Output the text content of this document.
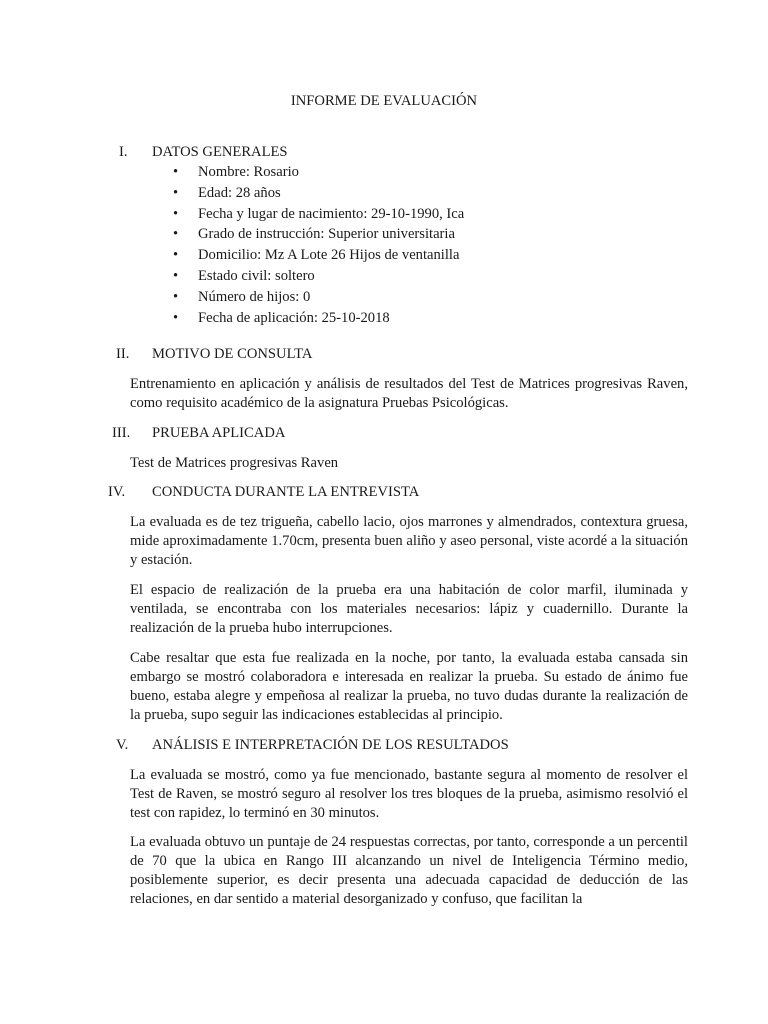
INFORME DE EVALUACIÓN
I. DATOS GENERALES
• Nombre: Rosario
• Edad: 28 años
• Fecha y lugar de nacimiento: 29-10-1990, Ica
• Grado de instrucción: Superior universitaria
• Domicilio: Mz A Lote 26 Hijos de ventanilla
• Estado civil: soltero
• Número de hijos: 0
• Fecha de aplicación: 25-10-2018
II. MOTIVO DE CONSULTA

Entrenamiento en aplicación y análisis de resultados del Test de Matrices progresivas Raven, como requisito académico de la asignatura Pruebas Psicológicas.

III. PRUEBA APLICADA

Test de Matrices progresivas Raven

IV. CONDUCTA DURANTE LA ENTREVISTA

La evaluada es de tez trigueña, cabello lacio, ojos marrones y almendrados, contextura gruesa, mide aproximadamente 1.70cm, presenta buen aliño y aseo personal, viste acordé a la situación y estación.

El espacio de realización de la prueba era una habitación de color marfil, iluminada y ventilada, se encontraba con los materiales necesarios: lápiz y cuadernillo. Durante la realización de la prueba hubo interrupciones.

Cabe resaltar que esta fue realizada en la noche, por tanto, la evaluada estaba cansada sin embargo se mostró colaboradora e interesada en realizar la prueba. Su estado de ánimo fue bueno, estaba alegre y empeñosa al realizar la prueba, no tuvo dudas durante la realización de la prueba, supo seguir las indicaciones establecidas al principio.

V. ANÁLISIS E INTERPRETACIÓN DE LOS RESULTADOS

La evaluada se mostró, como ya fue mencionado, bastante segura al momento de resolver el Test de Raven, se mostró seguro al resolver los tres bloques de la prueba, asimismo resolvió el test con rapidez, lo terminó en 30 minutos.

La evaluada obtuvo un puntaje de 24 respuestas correctas, por tanto, corresponde a un percentil de 70 que la ubica en Rango III alcanzando un nivel de Inteligencia Término medio, posiblemente superior, es decir presenta una adecuada capacidad de deducción de las relaciones, en dar sentido a material desorganizado y confuso, que facilitan la
